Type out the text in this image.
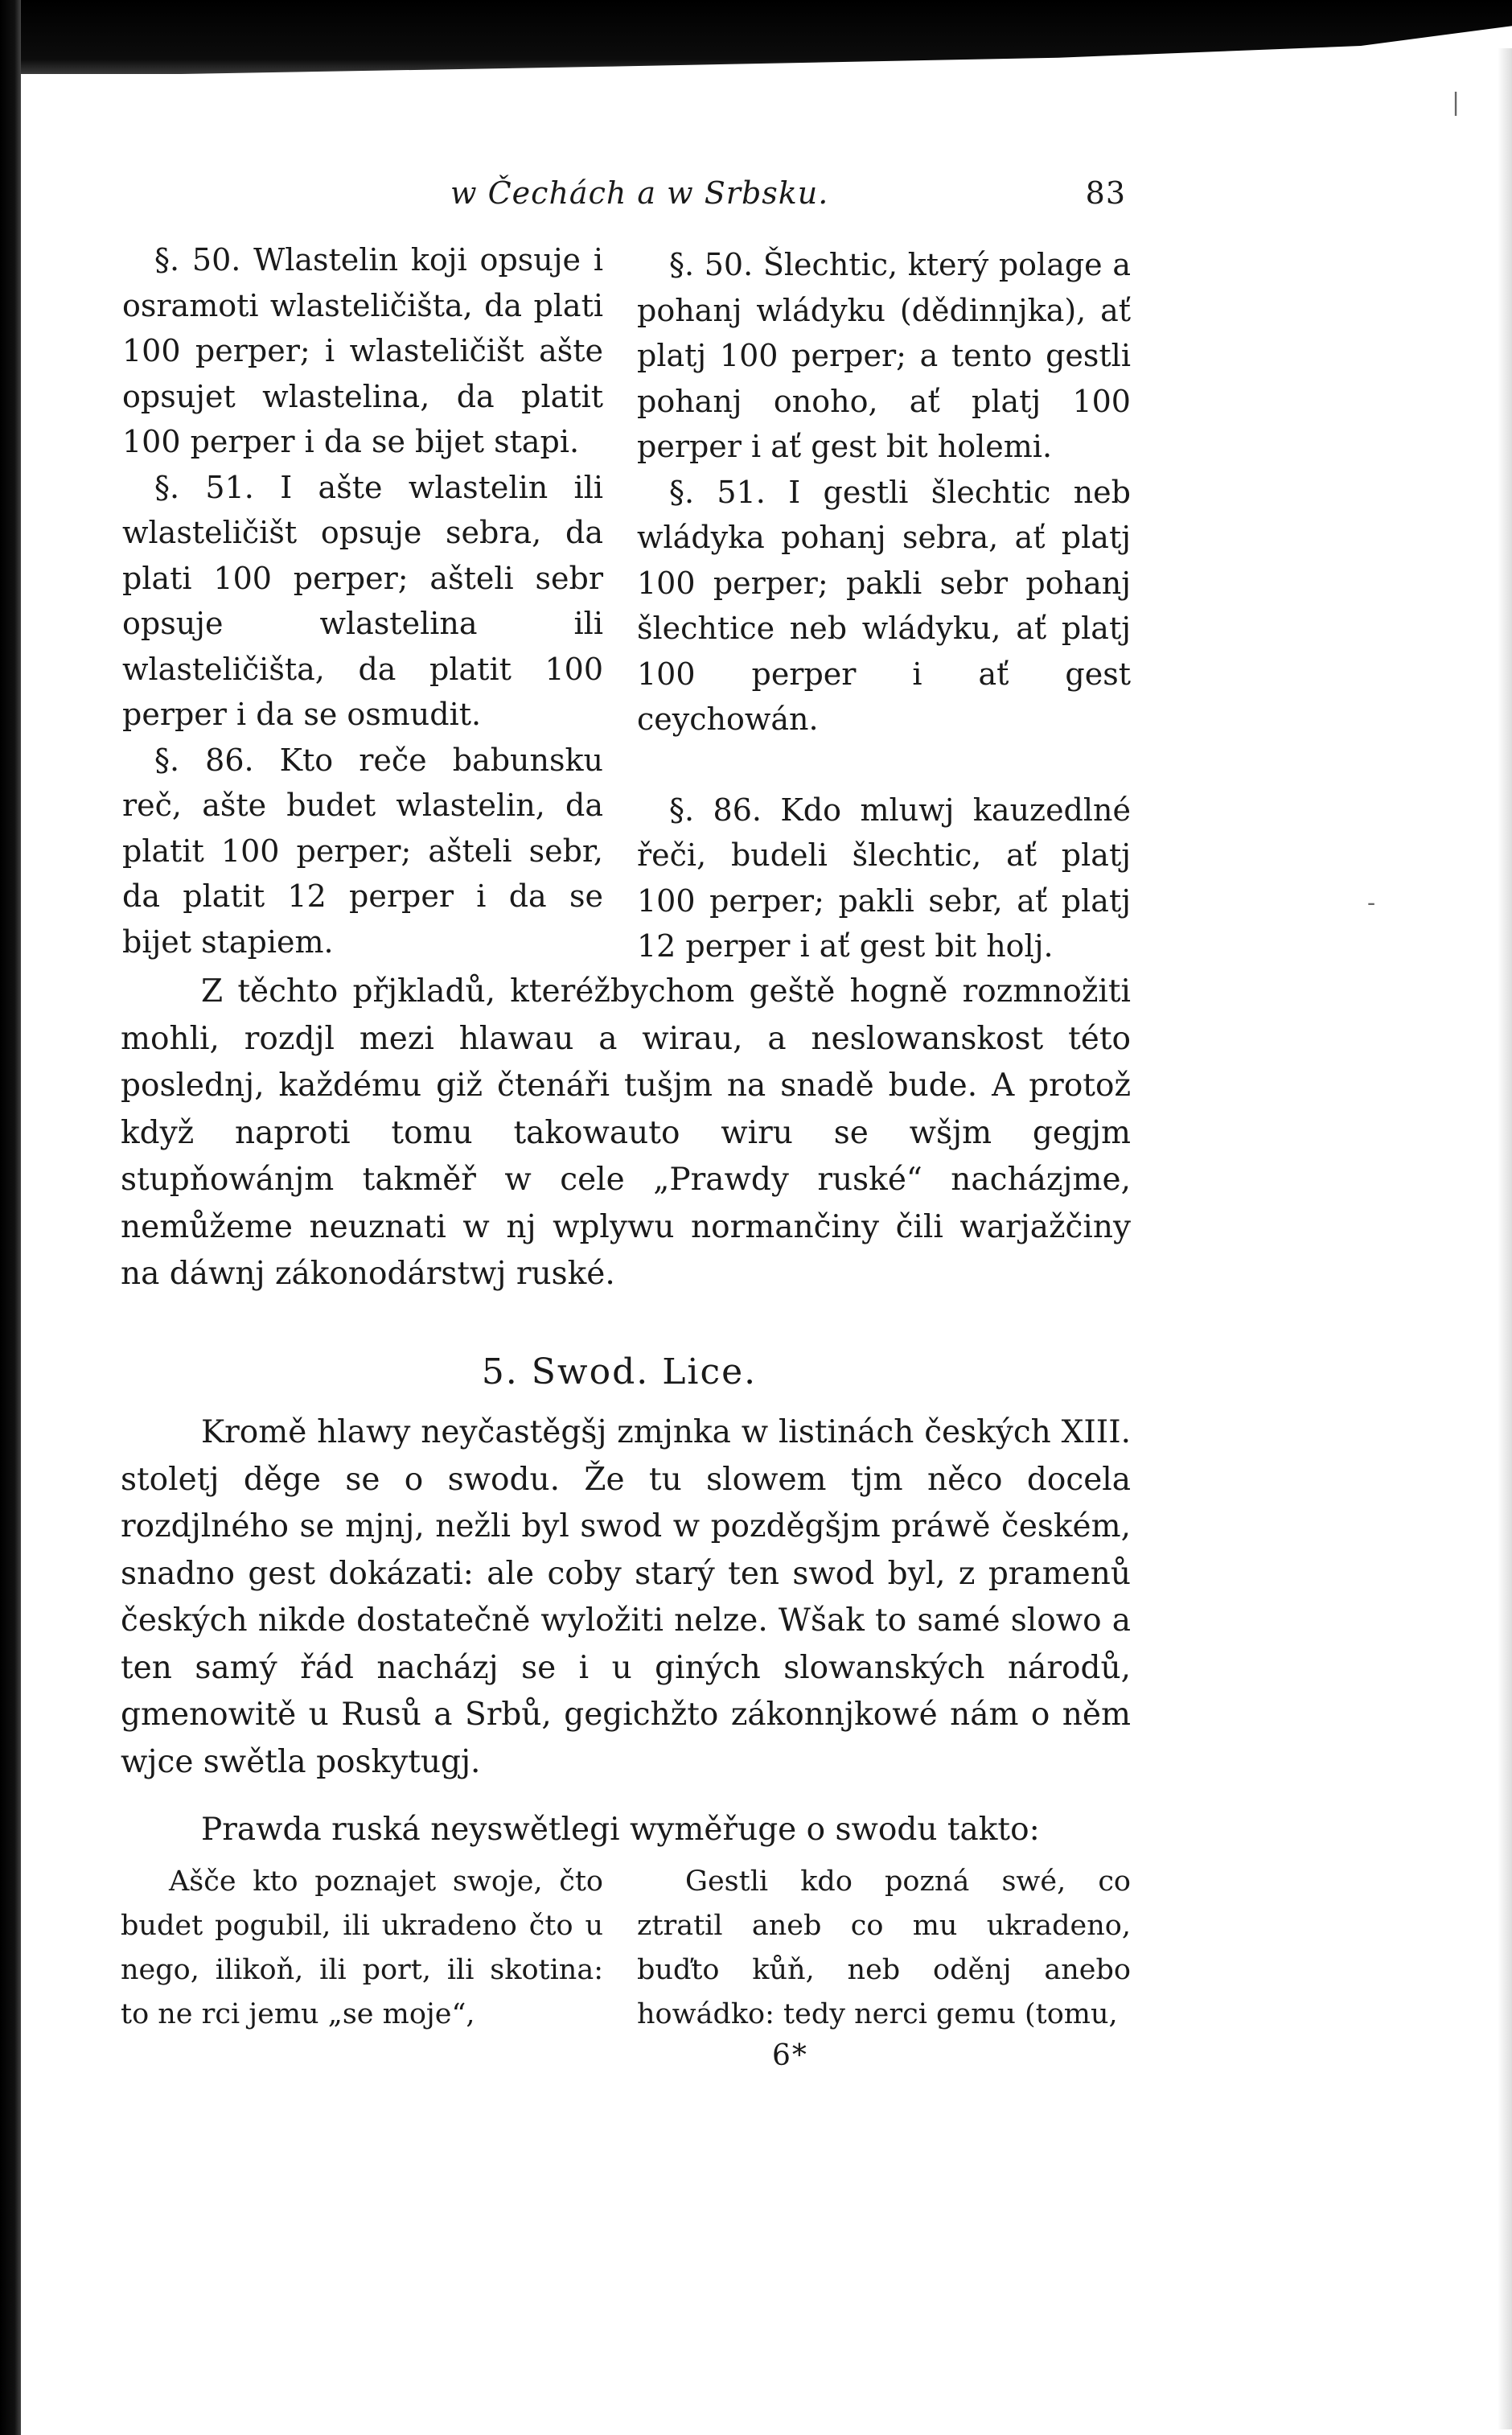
w Čechách a w Srbsku.	83

§. 50. Wlastelin koji opsuje i osramoti wlasteličišta, da plati 100 perper; i wlasteličišt ašte opsujet wlastelina, da platit 100 perper i da se bijet stapi.

§. 51. I ašte wlastelin ili wlasteličišt opsuje sebra, da plati 100 perper; ašteli sebr opsuje wlastelina ili wlasteličišta, da platit 100 perper i da se osmudit.

§. 86. Kto reče babunsku reč, ašte budet wlastelin, da platit 100 perper; ašteli sebr, da platit 12 perper i da se bijet stapiem.

§. 50. Šlechtic, který polage a pohanj wládyku (dědinnjka), ať platj 100 perper; a tento gestli pohanj onoho, ať platj 100 perper i ať gest bit holemi.

§. 51. I gestli šlechtic neb wládyka pohanj sebra, ať platj 100 perper; pakli sebr pohanj šlechtice neb wládyku, ať platj 100 perper i ať gest ceychowán.

§. 86. Kdo mluwj kauzedlné řeči, budeli šlechtic, ať platj 100 perper; pakli sebr, ať platj 12 perper i ať gest bit holj.

Z těchto přjkladů, kteréžbychom geště hogně rozmnožiti mohli, rozdjl mezi hlawau a wirau, a neslowanskost této poslednj, každému giž čtenáři tušjm na snadě bude. A protož když naproti tomu takowauto wiru se wšjm gegjm stupňowánjm takměř w cele „Prawdy ruské“ nacházjme, nemůžeme neuznati w nj wplywu normančiny čili warjažčiny na dáwnj zákonodárstwj ruské.

5. Swod. Lice.

Kromě hlawy neyčastěgšj zmjnka w listinách českých XIII. stoletj děge se o swodu. Že tu slowem tjm něco docela rozdjlného se mjnj, nežli byl swod w pozděgšjm práwě českém, snadno gest dokázati: ale coby starý ten swod byl, z pramenů českých nikde dostatečně wyložiti nelze. Wšak to samé slowo a ten samý řád nacházj se i u giných slowanských národů, gmenowitě u Rusů a Srbů, gegichžto zákonnjkowé nám o něm wjce swětla poskytugj.

Prawda ruská neyswětlegi wyměřuge o swodu takto:

Ašče kto poznajet swoje, čto budet pogubil, ili ukradeno čto u nego, ilikoň, ili port, ili skotina: to ne rci jemu „se moje“,

Gestli kdo pozná swé, co ztratil aneb co mu ukradeno, buďto kůň, neb oděnj anebo howádko: tedy nerci gemu (tomu,

6*
-
|
